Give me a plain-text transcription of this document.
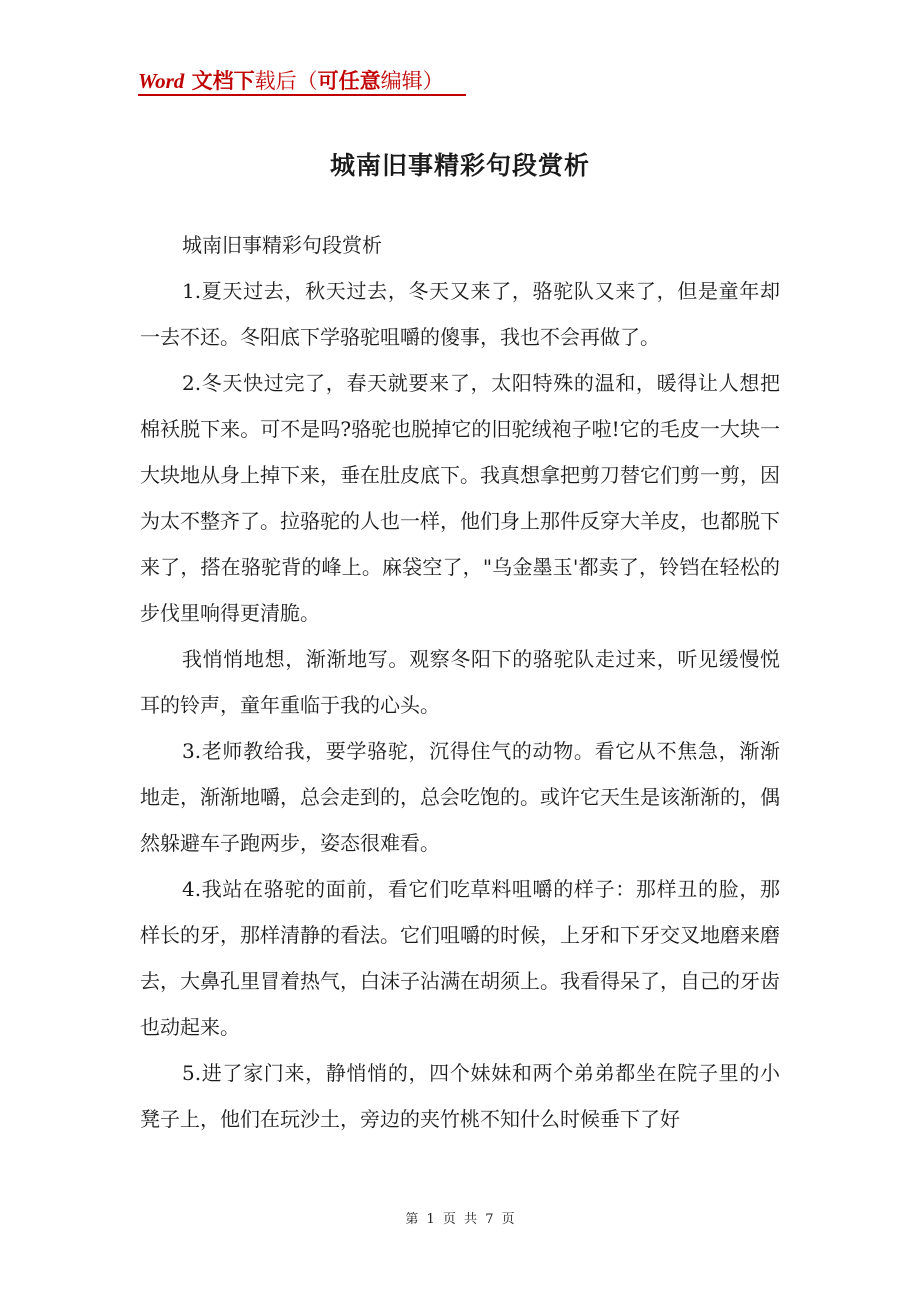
Word 文档下载后（可任意编辑）
城南旧事精彩句段赏析

城南旧事精彩句段赏析

1.夏天过去，秋天过去，冬天又来了，骆驼队又来了，但是童年却一去不还。冬阳底下学骆驼咀嚼的傻事，我也不会再做了。

2.冬天快过完了，春天就要来了，太阳特殊的温和，暖得让人想把棉袄脱下来。可不是吗?骆驼也脱掉它的旧驼绒袍子啦!它的毛皮一大块一大块地从身上掉下来，垂在肚皮底下。我真想拿把剪刀替它们剪一剪，因为太不整齐了。拉骆驼的人也一样，他们身上那件反穿大羊皮，也都脱下来了，搭在骆驼背的峰上。麻袋空了，"乌金墨玉'都卖了，铃铛在轻松的步伐里响得更清脆。

我悄悄地想，渐渐地写。观察冬阳下的骆驼队走过来，听见缓慢悦耳的铃声，童年重临于我的心头。

3.老师教给我，要学骆驼，沉得住气的动物。看它从不焦急，渐渐地走，渐渐地嚼，总会走到的，总会吃饱的。或许它天生是该渐渐的，偶然躲避车子跑两步，姿态很难看。

4.我站在骆驼的面前，看它们吃草料咀嚼的样子：那样丑的脸，那样长的牙，那样清静的看法。它们咀嚼的时候，上牙和下牙交叉地磨来磨去，大鼻孔里冒着热气，白沫子沾满在胡须上。我看得呆了，自己的牙齿也动起来。

5.进了家门来，静悄悄的，四个妹妹和两个弟弟都坐在院子里的小凳子上，他们在玩沙土，旁边的夹竹桃不知什么时候垂下了好

第 1 页 共 7 页
